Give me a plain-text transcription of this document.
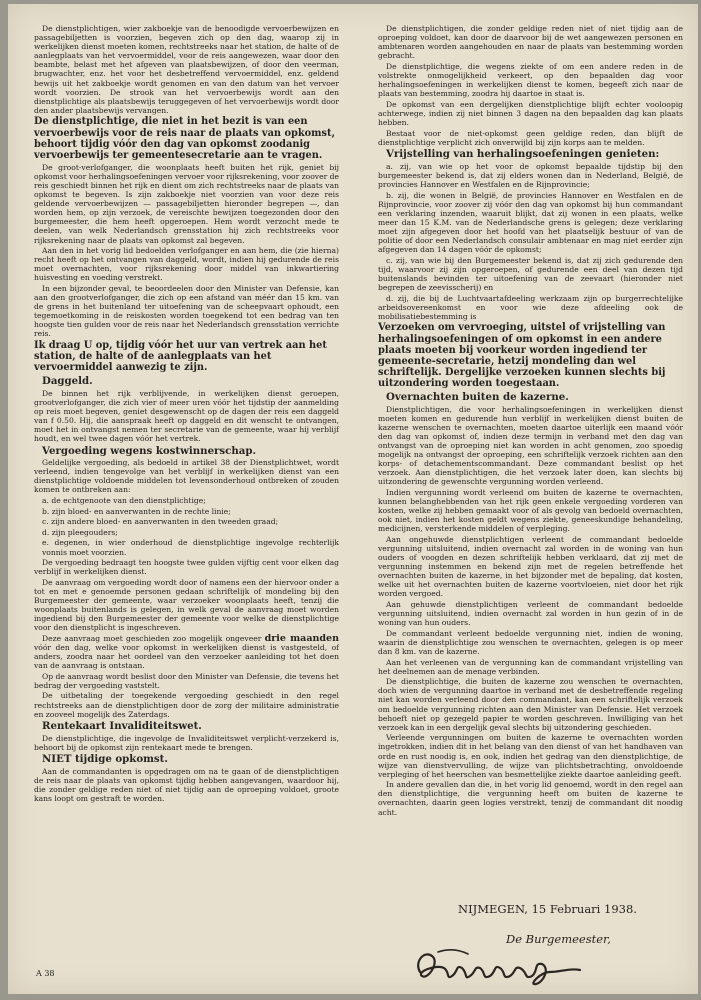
De dienstplichtigen, wier zakboekje van de benoodigde vervoerbewijzen en passagebiljetten is voorzien, begeven zich op den dag, waarop zij in werkelijken dienst moeten komen, rechtstreeks naar het station, de halte of de aanlegplaats van het vervoermiddel, voor de reis aangewezen, waar door den beambte, belast met het afgeven van plaatsbewijzen, of door den veerman, brugwachter, enz. het voor het desbetreffend vervoermiddel, enz. geldend bewijs uit het zakboekje wordt genomen en van den datum van het vervoer wordt voorzien. De strook van het vervoerbewijs wordt aan den dienstplichtige als plaatsbewijs teruggegeven of het vervoerbewijs wordt door den ander plaatsbewijs vervangen.

De dienstplichtige, die niet in het bezit is van een vervoerbewijs voor de reis naar de plaats van opkomst, behoort tijdig vóór den dag van opkomst zoodanig vervoerbewijs ter gemeentesecretarie aan te vragen.

De groot-verlofganger, die woonplaats heeft buiten het rijk, geniet bij opkomst voor herhalingsoefeningen vervoer voor rijksrekening, voor zoover de reis geschiedt binnen het rijk en dient om zich rechtstreeks naar de plaats van opkomst te begeven. Is zijn zakboekje niet voorzien van voor deze reis geldende vervoerbewijzen — passagebiljetten hieronder begrepen —, dan worden hem, op zijn verzoek, de vereischte bewijzen toegezonden door den burgemeester, die hem heeft opgeroepen. Hem wordt verzocht mede te deelen, van welk Nederlandsch grensstation hij zich rechtstreeks voor rijksrekening naar de plaats van opkomst zal begeven.

Aan den in het vorig lid bedoelden verlofganger en aan hem, die (zie hierna) recht heeft op het ontvangen van daggeld, wordt, indien hij gedurende de reis moet overnachten, voor rijksrekening door middel van inkwartiering huisvesting en voeding verstrekt.

In een bijzonder geval, te beoordeelen door den Minister van Defensie, kan aan den grootverlofganger, die zich op een afstand van méér dan 15 km. van de grens in het buitenland ter uitoefening van de scheepvaart ophoudt, een tegemoetkoming in de reiskosten worden toegekend tot een bedrag van ten hoogste tien gulden voor de reis naar het Nederlandsch grensstation verrichte reis.

Ik draag U op, tijdig vóór het uur van vertrek aan het station, de halte of de aanlegplaats van het vervoermiddel aanwezig te zijn.

Daggeld.

De binnen het rijk verblijvende, in werkelijken dienst geroepen, grootverlofganger, die zich vier of meer uren vóór het tijdstip der aanmelding op reis moet begeven, geniet desgewenscht op de dagen der reis een daggeld van f 0.50. Hij, die aanspraak heeft op daggeld en dit wenscht te ontvangen, moet het in ontvangst nemen ter secretarie van de gemeente, waar hij verblijf houdt, en wel twee dagen vóór het vertrek.

Vergoeding wegens kostwinnerschap.

Geldelijke vergoeding, als bedoeld in artikel 38 der Dienstplichtwet, wordt verleend, indien tengevolge van het verblijf in werkelijken dienst van een dienstplichtige voldoende middelen tot levensonderhoud ontbreken of zouden komen te ontbreken aan:

a. de echtgenoote van den dienstplichtige;

b. zijn bloed- en aanverwanten in de rechte linie;

c. zijn andere bloed- en aanverwanten in den tweeden graad;

d. zijn pleegouders;

e. degenen, in wier onderhoud de dienstplichtige ingevolge rechterlijk vonnis moet voorzien.

De vergoeding bedraagt ten hoogste twee gulden vijftig cent voor elken dag verblijf in werkelijken dienst.

De aanvraag om vergoeding wordt door of namens een der hiervoor onder a tot en met e genoemde personen gedaan schriftelijk of mondeling bij den Burgemeester der gemeente, waar verzoeker woonplaats heeft, tenzij die woonplaats buitenlands is gelegen, in welk geval de aanvraag moet worden ingediend bij den Burgemeester der gemeente voor welke de dienstplichtige voor den dienstplicht is ingeschreven.

Deze aanvraag moet geschieden zoo mogelijk ongeveer drie maanden vóór den dag, welke voor opkomst in werkelijken dienst is vastgesteld, of anders, zoodra naar het oordeel van den verzoeker aanleiding tot het doen van de aanvraag is ontstaan.

Op de aanvraag wordt beslist door den Minister van Defensie, die tevens het bedrag der vergoeding vaststelt.

De uitbetaling der toegekende vergoeding geschiedt in den regel rechtstreeks aan de dienstplichtigen door de zorg der militaire administratie en zooveel mogelijk des Zaterdags.

Rentekaart Invaliditeitswet.

De dienstplichtige, die ingevolge de Invaliditeitswet verplicht-verzekerd is, behoort bij de opkomst zijn rentekaart mede te brengen.

NIET tijdige opkomst.

Aan de commandanten is opgedragen om na te gaan of de dienstplichtigen de reis naar de plaats van opkomst tijdig hebben aangevangen, waardoor hij, die zonder geldige reden niet of niet tijdig aan de oproeping voldoet, groote kans loopt om gestraft te worden.

De dienstplichtigen, die zonder geldige reden niet of niet tijdig aan de oproeping voldoet, kan door de daarvoor bij de wet aangewezen personen en ambtenaren worden aangehouden en naar de plaats van bestemming worden gebracht.

De dienstplichtige, die wegens ziekte of om een andere reden in de volstrekte onmogelijkheid verkeert, op den bepaalden dag voor herhalingsoefeningen in werkelijken dienst te komen, begeeft zich naar de plaats van bestemming, zoodra hij daartoe in staat is.

De opkomst van een dergelijken dienstplichtige blijft echter vooloopig achterwege, indien zij niet binnen 3 dagen na den bepaalden dag kan plaats hebben.

Bestaat voor de niet-opkomst geen geldige reden, dan blijft de dienstplichtige verplicht zich onverwijld bij zijn korps aan te melden.

Vrijstelling van herhalingsoefeningen genieten:

a. zij, van wie op het voor de opkomst bepaalde tijdstip bij den burgemeester bekend is, dat zij elders wonen dan in Nederland, België, de provincies Hannover en Westfalen en de Rijnprovincie;

b. zij, die wonen in België, de provincies Hannover en Westfalen en de Rijnprovincie, voor zoover zij vóór den dag van opkomst bij hun commandant een verklaring inzenden, waaruit blijkt, dat zij wonen in een plaats, welke meer dan 15 K.M. van de Nederlandsche grens is gelegen; deze verklaring moet zijn afgegeven door het hoofd van het plaatselijk bestuur of van de politie of door een Nederlandsch consulair ambtenaar en mag niet eerder zijn afgegeven dan 14 dagen vóór de opkomst;

c. zij, van wie bij den Burgemeester bekend is, dat zij zich gedurende den tijd, waarvoor zij zijn opgeroepen, of gedurende een deel van dezen tijd buitenslands bevinden ter uitoefening van de zeevaart (hieronder niet begrepen de zeevisscherij) en

d. zij, die bij de Luchtvaartafdeeling werkzaam zijn op burgerrechtelijke arbeidsovereenkomst en voor wie deze afdeeling ook de mobilisatiebestemming is

Verzoeken om vervroeging, uitstel of vrijstelling van herhalingsoefeningen of om opkomst in een andere plaats moeten bij voorkeur worden ingediend ter gemeente-secretarie, hetzij mondeling dan wel schriftelijk. Dergelijke verzoeken kunnen slechts bij uitzondering worden toegestaan.

Overnachten buiten de kazerne.

Dienstplichtigen, die voor herhalingsoefeningen in werkelijken dienst moeten komen en gedurende hun verblijf in werkelijken dienst buiten de kazerne wenschen te overnachten, moeten daartoe uiterlijk een maand vóór den dag van opkomst of, indien deze termijn in verband met den dag van ontvangst van de oproeping niet kan worden in acht genomen, zoo spoedig mogelijk na ontvangst der oproeping, een schriftelijk verzoek richten aan den korps- of detachementscommandant. Deze commandant beslist op het verzoek. Aan dienstplichtigen, die het verzoek later doen, kan slechts bij uitzondering de gewenschte vergunning worden verleend.

Indien vergunning wordt verleend om buiten de kazerne te overnachten, kunnen belanghebbenden van het rijk geen enkele vergoeding vorderen van kosten, welke zij hebben gemaakt voor of als gevolg van bedoeld overnachten, ook niet, indien het kosten geldt wegens ziekte, geneeskundige behandeling, medicijnen, versterkende middelen of verpleging.

Aan ongehuwde dienstplichtigen verleent de commandant bedoelde vergunning uitsluitend, indien overnacht zal worden in de woning van hun ouders of voogden en dezen schriftelijk hebben verklaard, dat zij met de vergunning instemmen en bekend zijn met de regelen betreffende het overnachten buiten de kazerne, in het bijzonder met de bepaling, dat kosten, welke uit het overnachten buiten de kazerne voortvloeien, niet door het rijk worden vergoed.

Aan gehuwde dienstplichtigen verleent de commandant bedoelde vergunning uitsluitend, indien overnacht zal worden in hun gezin of in de woning van hun ouders.

De commandant verleent bedoelde vergunning niet, indien de woning, waarin de dienstplichtige zou wenschen te overnachten, gelegen is op meer dan 8 km. van de kazerne.

Aan het verleenen van de vergunning kan de commandant vrijstelling van het deelnemen aan de menage verbinden.

De dienstplichtige, die buiten de kazerne zou wenschen te overnachten, doch wien de vergunning daartoe in verband met de desbetreffende regeling niet kan worden verleend door den commandant, kan een schriftelijk verzoek om bedoelde vergunning richten aan den Minister van Defensie. Het verzoek behoeft niet op gezegeld papier te worden geschreven. Inwilliging van het verzoek kan in een dergelijk geval slechts bij uitzondering geschieden.

Verleende vergunningen om buiten de kazerne te overnachten worden ingetrokken, indien dit in het belang van den dienst of van het handhaven van orde en rust noodig is, en ook, indien het gedrag van den dienstplichtige, de wijze van dienstvervulling, de wijze van plichtsbetrachting, onvoldoende verpleging of het heerschen van besmettelijke ziekte daartoe aanleiding geeft.

In andere gevallen dan die, in het vorig lid genoemd, wordt in den regel aan den dienstplichtige, die vergunning heeft om buiten de kazerne te overnachten, daarin geen logies verstrekt, tenzij de commandant dit noodig acht.

NIJMEGEN, 15 Februari 1938.
De Burgemeester,
A 38
